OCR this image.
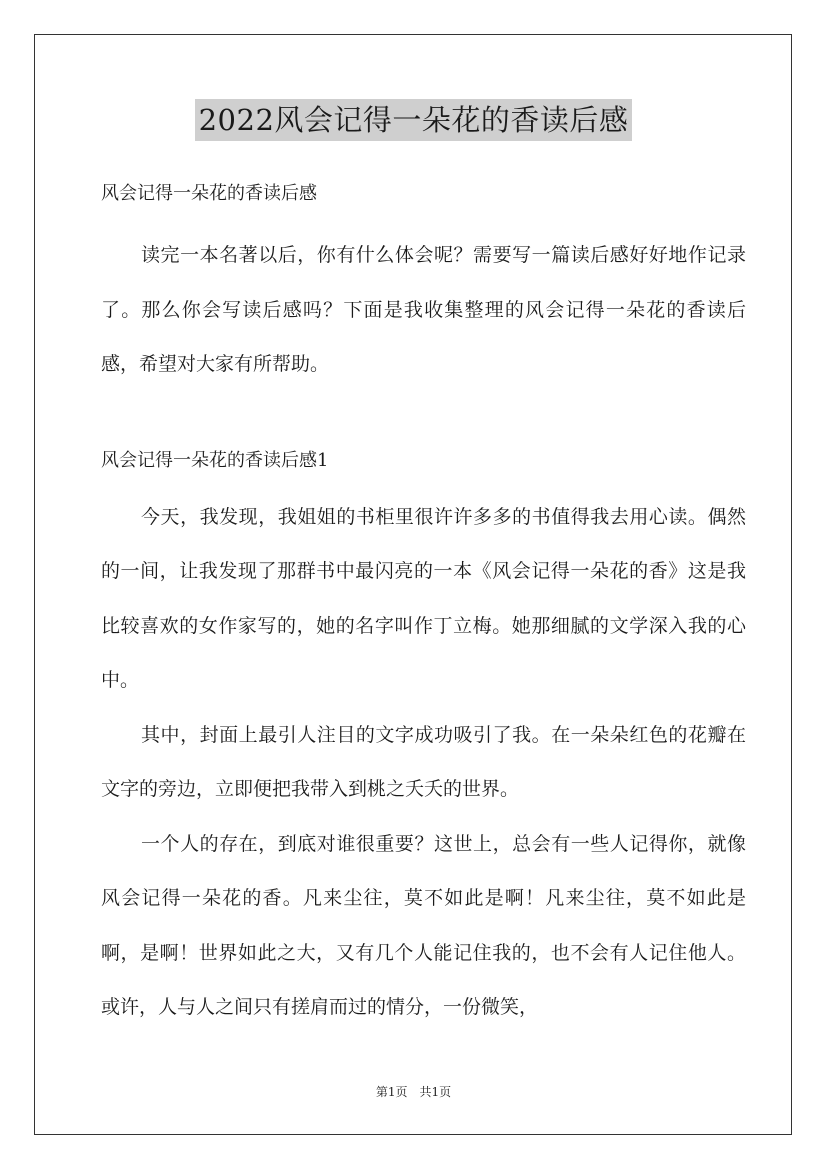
2022风会记得一朵花的香读后感

风会记得一朵花的香读后感

读完一本名著以后，你有什么体会呢？需要写一篇读后感好好地作记录了。那么你会写读后感吗？下面是我收集整理的风会记得一朵花的香读后感，希望对大家有所帮助。

风会记得一朵花的香读后感1

今天，我发现，我姐姐的书柜里很许许多多的书值得我去用心读。偶然的一间，让我发现了那群书中最闪亮的一本《风会记得一朵花的香》这是我比较喜欢的女作家写的，她的名字叫作丁立梅。她那细腻的文学深入我的心中。

其中，封面上最引人注目的文字成功吸引了我。在一朵朵红色的花瓣在文字的旁边，立即便把我带入到桃之夭夭的世界。

一个人的存在，到底对谁很重要？这世上，总会有一些人记得你，就像风会记得一朵花的香。凡来尘往，莫不如此是啊！凡来尘往，莫不如此是啊，是啊！世界如此之大，又有几个人能记住我的，也不会有人记住他人。或许，人与人之间只有搓肩而过的情分，一份微笑，

第1页　共1页
